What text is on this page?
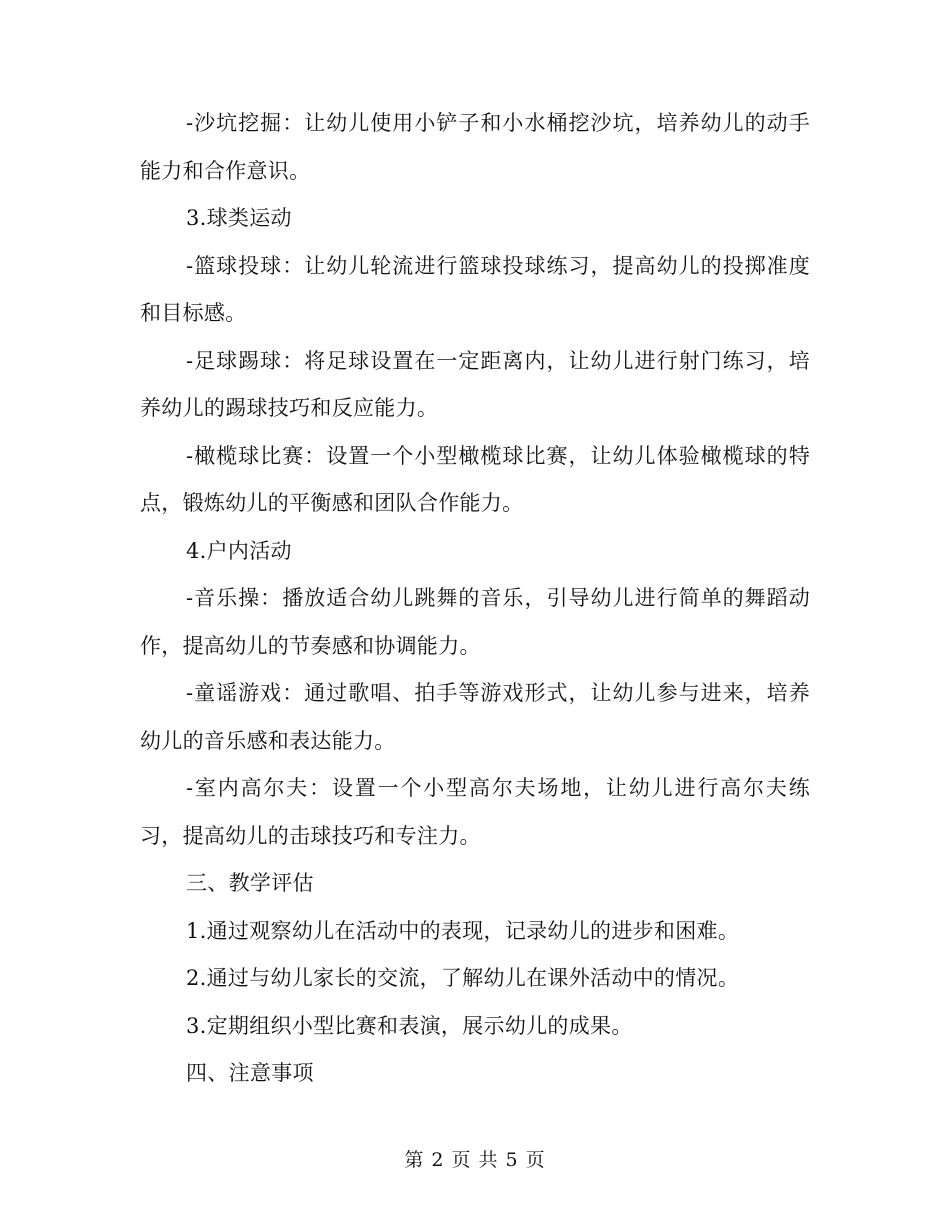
-沙坑挖掘：让幼儿使用小铲子和小水桶挖沙坑，培养幼儿的动手能力和合作意识。

3.球类运动

-篮球投球：让幼儿轮流进行篮球投球练习，提高幼儿的投掷准度和目标感。

-足球踢球：将足球设置在一定距离内，让幼儿进行射门练习，培养幼儿的踢球技巧和反应能力。

-橄榄球比赛：设置一个小型橄榄球比赛，让幼儿体验橄榄球的特点，锻炼幼儿的平衡感和团队合作能力。

4.户内活动

-音乐操：播放适合幼儿跳舞的音乐，引导幼儿进行简单的舞蹈动作，提高幼儿的节奏感和协调能力。

-童谣游戏：通过歌唱、拍手等游戏形式，让幼儿参与进来，培养幼儿的音乐感和表达能力。

-室内高尔夫：设置一个小型高尔夫场地，让幼儿进行高尔夫练习，提高幼儿的击球技巧和专注力。

三、教学评估

1.通过观察幼儿在活动中的表现，记录幼儿的进步和困难。

2.通过与幼儿家长的交流，了解幼儿在课外活动中的情况。

3.定期组织小型比赛和表演，展示幼儿的成果。

四、注意事项

第 2 页 共 5 页
